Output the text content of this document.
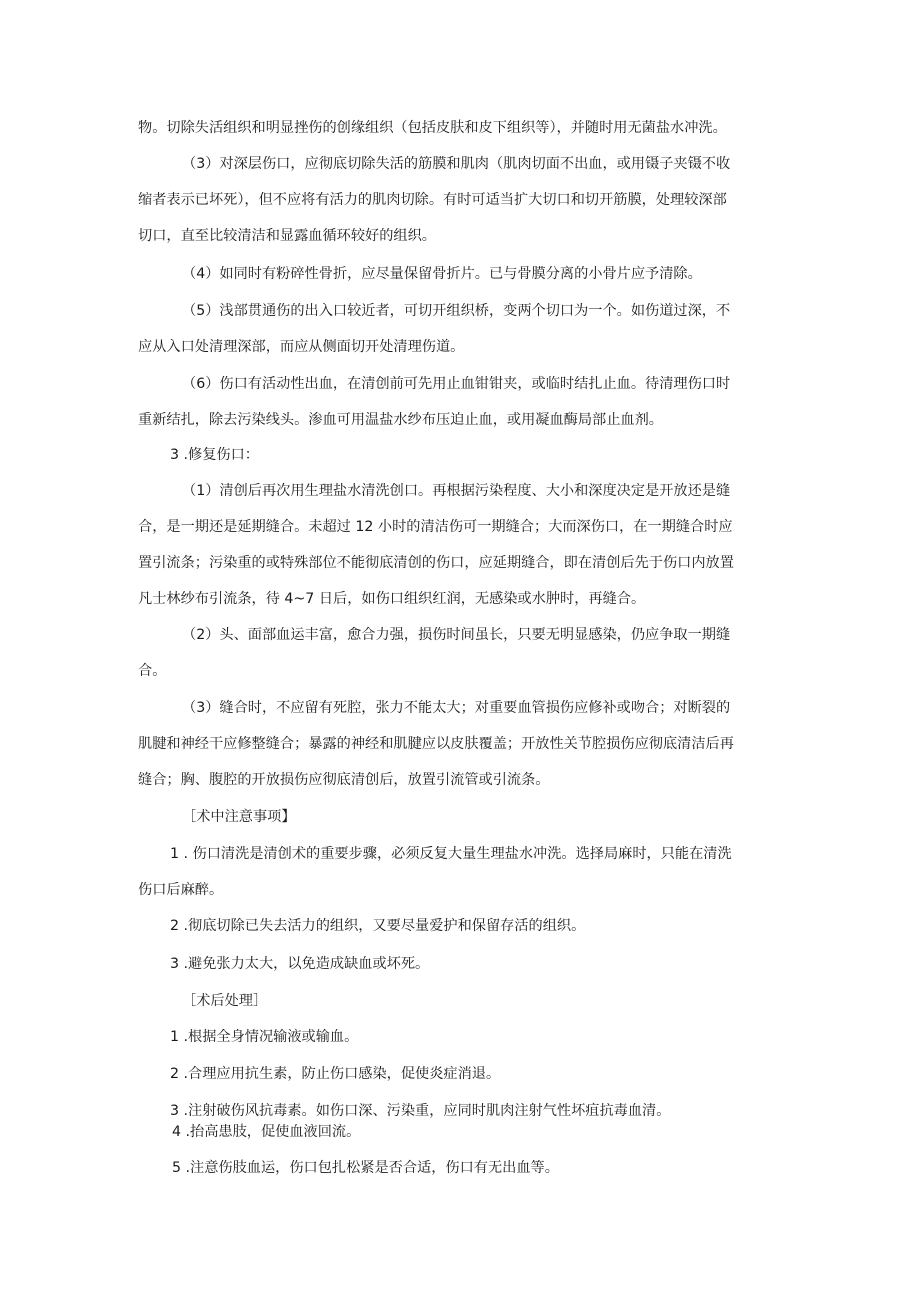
物。切除失活组织和明显挫伤的创缘组织（包括皮肤和皮下组织等），并随时用无菌盐水冲洗。
（3）对深层伤口，应彻底切除失活的筋膜和肌肉（肌肉切面不出血，或用镊子夹镊不收
缩者表示已坏死），但不应将有活力的肌肉切除。有时可适当扩大切口和切开筋膜，处理较深部
切口，直至比较清洁和显露血循环较好的组织。
（4）如同时有粉碎性骨折，应尽量保留骨折片。已与骨膜分离的小骨片应予清除。
（5）浅部贯通伤的出入口较近者，可切开组织桥，变两个切口为一个。如伤道过深，不
应从入口处清理深部，而应从侧面切开处清理伤道。
（6）伤口有活动性出血，在清创前可先用止血钳钳夹，或临时结扎止血。待清理伤口时
重新结扎，除去污染线头。渗血可用温盐水纱布压迫止血，或用凝血酶局部止血剂。
3 .修复伤口：
（1）清创后再次用生理盐水清洗创口。再根据污染程度、大小和深度决定是开放还是缝
合，是一期还是延期缝合。未超过 12 小时的清洁伤可一期缝合；大而深伤口，在一期缝合时应
置引流条；污染重的或特殊部位不能彻底清创的伤口，应延期缝合，即在清创后先于伤口内放置
凡士林纱布引流条，待 4~7 日后，如伤口组织红润，无感染或水肿时，再缝合。
（2）头、面部血运丰富，愈合力强，损伤时间虽长，只要无明显感染，仍应争取一期缝
合。
（3）缝合时，不应留有死腔，张力不能太大；对重要血管损伤应修补或吻合；对断裂的
肌腱和神经干应修整缝合；暴露的神经和肌腱应以皮肤覆盖；开放性关节腔损伤应彻底清洁后再
缝合；胸、腹腔的开放损伤应彻底清创后，放置引流管或引流条。
［术中注意事项】
1 . 伤口清洗是清创术的重要步骤，必须反复大量生理盐水冲洗。选择局麻时，只能在清洗
伤口后麻醉。
2 .彻底切除已失去活力的组织，又要尽量爱护和保留存活的组织。
3 .避免张力太大，以免造成缺血或坏死。
［术后处理］
1 .根据全身情况输液或输血。
2 .合理应用抗生素，防止伤口感染，促使炎症消退。
3 .注射破伤风抗毒素。如伤口深、污染重，应同时肌肉注射气性坏疽抗毒血清。
4 .抬高患肢，促使血液回流。
5 .注意伤肢血运，伤口包扎松紧是否合适，伤口有无出血等。
